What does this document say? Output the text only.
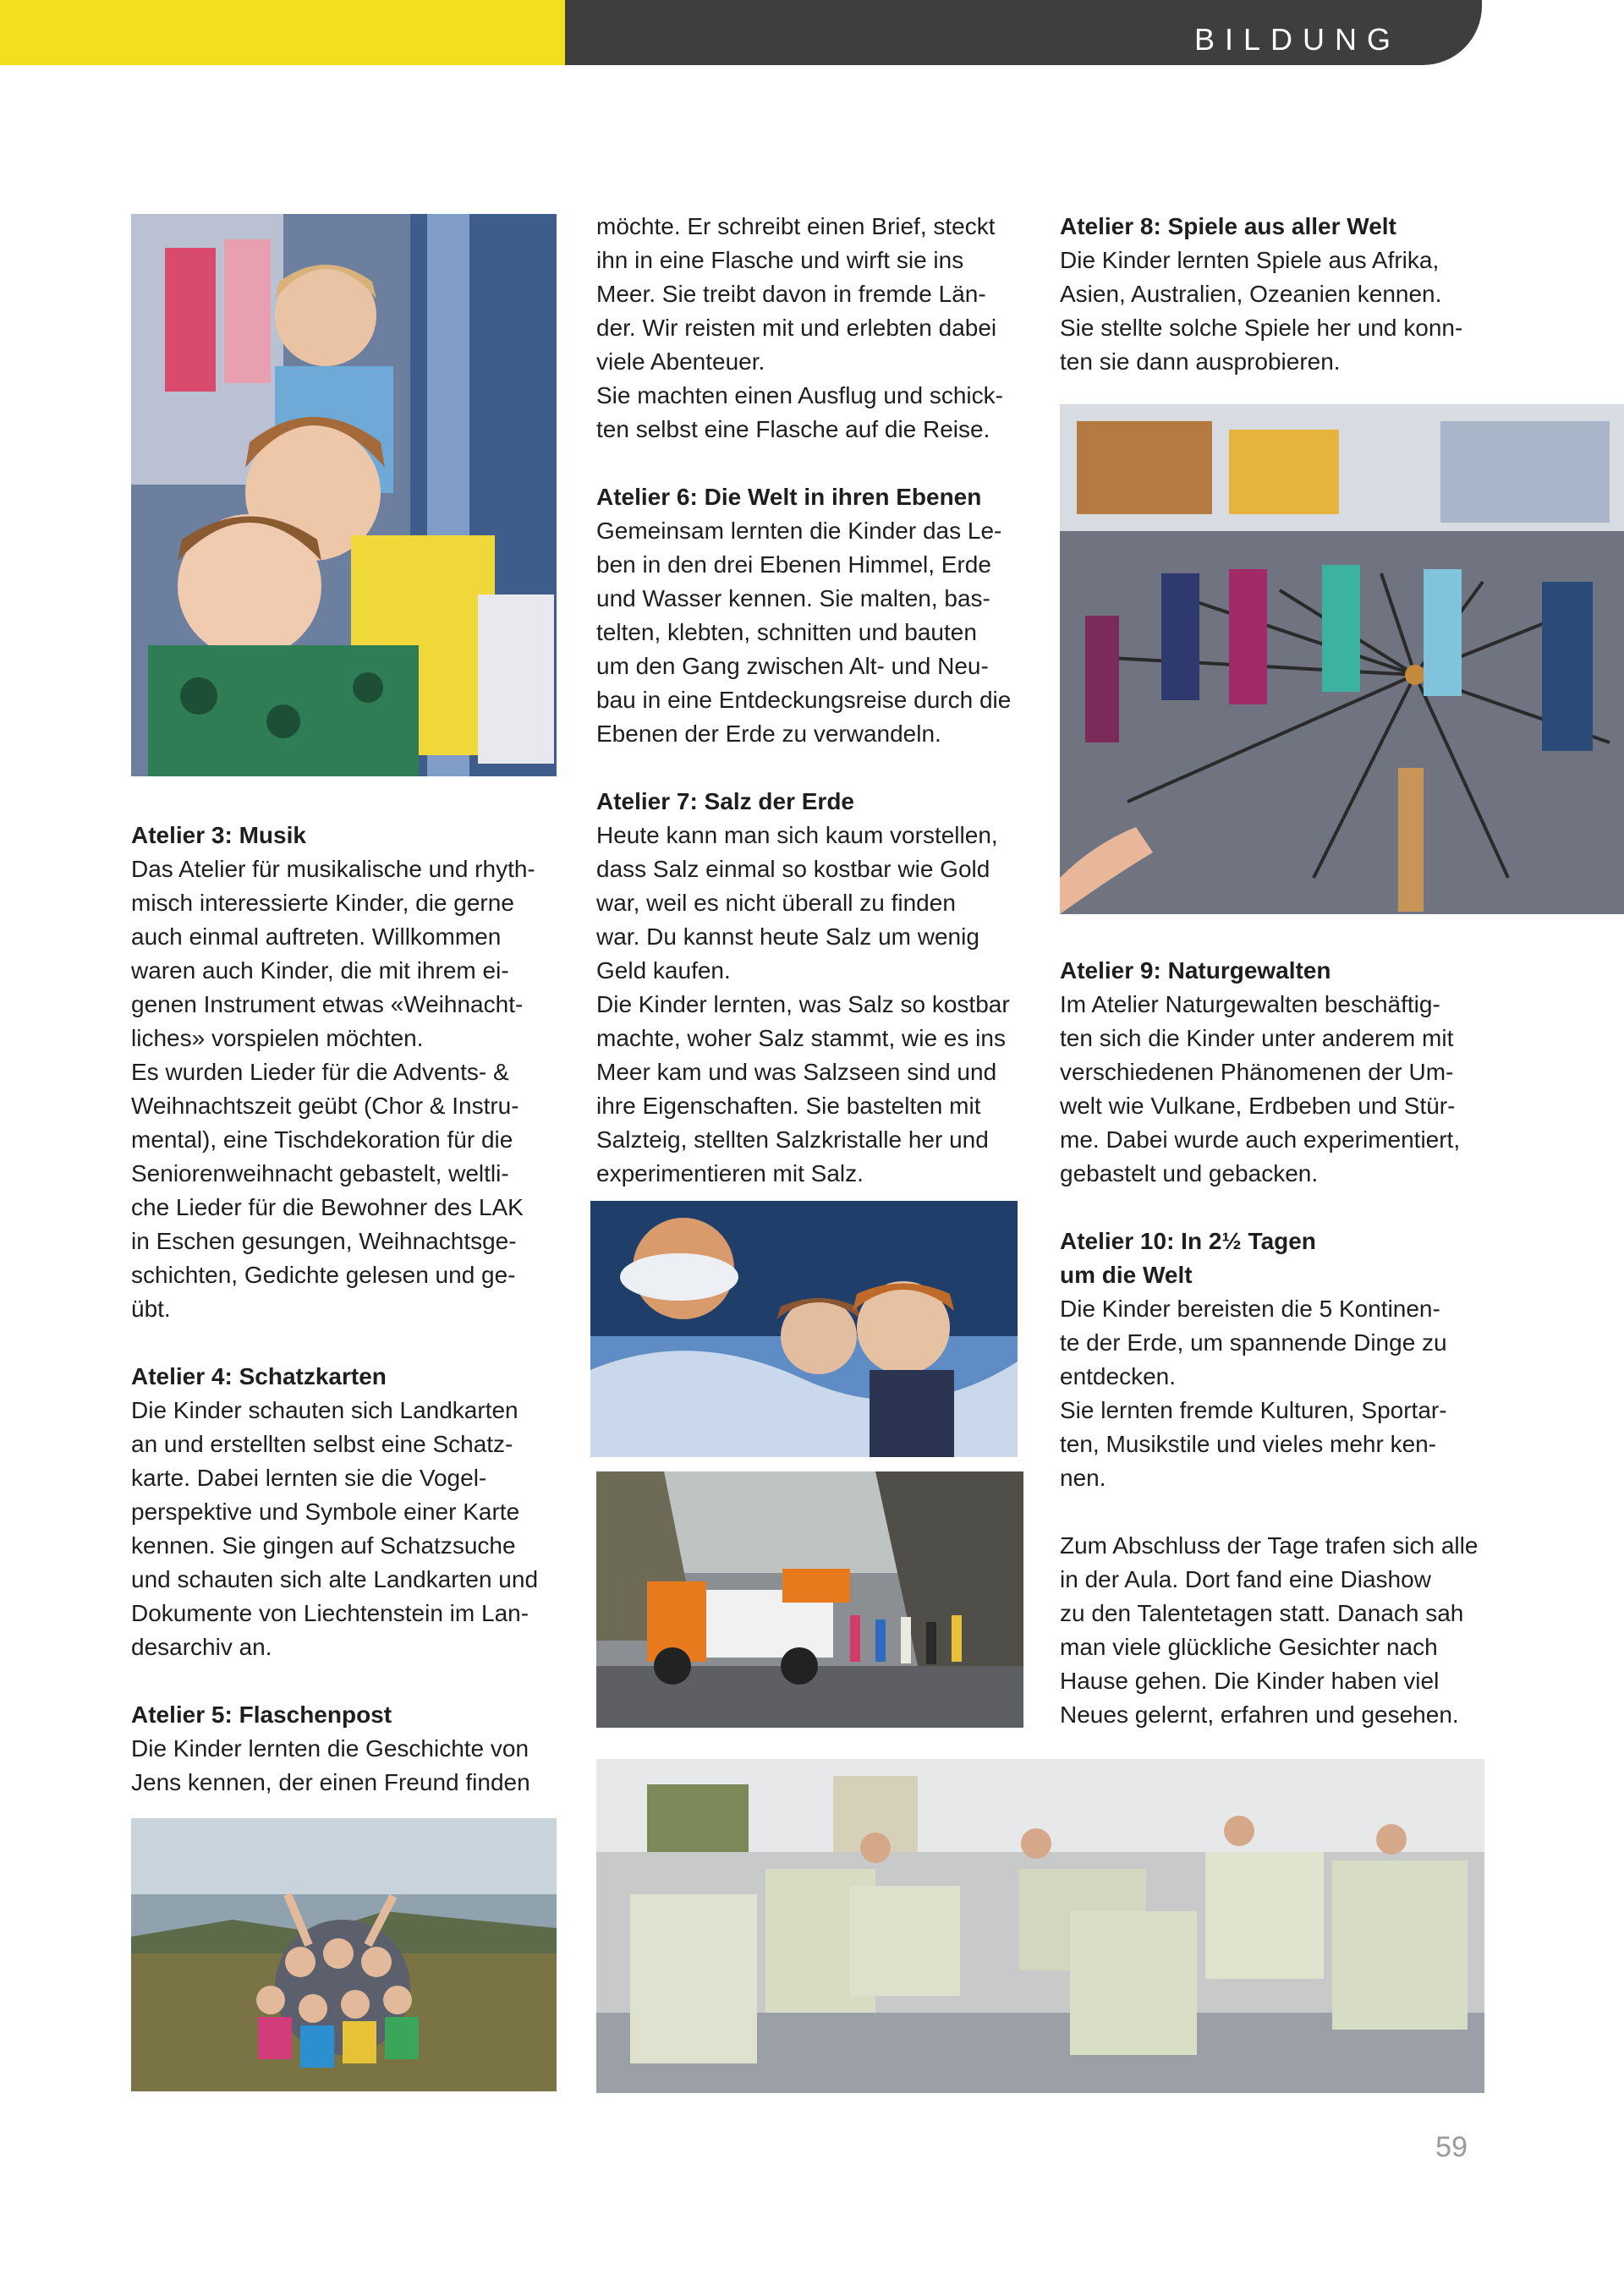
BILDUNG
Atelier 3: Musik

Das Atelier für musikalische und rhyth-

misch interessierte Kinder, die gerne

auch einmal auftreten. Willkommen

waren auch Kinder, die mit ihrem ei-

genen Instrument etwas «Weihnacht-

liches» vorspielen möchten.

Es wurden Lieder für die Advents- &

Weihnachtszeit geübt (Chor & Instru-

mental), eine Tischdekoration für die

Seniorenweihnacht gebastelt, weltli-

che Lieder für die Bewohner des LAK

in Eschen gesungen, Weihnachtsge-

schichten, Gedichte gelesen und ge-

übt.

Atelier 4: Schatzkarten

Die Kinder schauten sich Landkarten

an und erstellten selbst eine Schatz-

karte. Dabei lernten sie die Vogel-

perspektive und Symbole einer Karte

kennen. Sie gingen auf Schatzsuche

und schauten sich alte Landkarten und

Dokumente von Liechtenstein im Lan-

desarchiv an.

Atelier 5: Flaschenpost

Die Kinder lernten die Geschichte von

Jens kennen, der einen Freund finden

möchte. Er schreibt einen Brief, steckt

ihn in eine Flasche und wirft sie ins

Meer. Sie treibt davon in fremde Län-

der. Wir reisten mit und erlebten dabei

viele Abenteuer.

Sie machten einen Ausflug und schick-

ten selbst eine Flasche auf die Reise.

Atelier 6: Die Welt in ihren Ebenen

Gemeinsam lernten die Kinder das Le-

ben in den drei Ebenen Himmel, Erde

und Wasser kennen. Sie malten, bas-

telten, klebten, schnitten und bauten

um den Gang zwischen Alt- und Neu-

bau in eine Entdeckungsreise durch die

Ebenen der Erde zu verwandeln.

Atelier 7: Salz der Erde

Heute kann man sich kaum vorstellen,

dass Salz einmal so kostbar wie Gold

war, weil es nicht überall zu finden

war. Du kannst heute Salz um wenig

Geld kaufen.

Die Kinder lernten, was Salz so kostbar

machte, woher Salz stammt, wie es ins

Meer kam und was Salzseen sind und

ihre Eigenschaften. Sie bastelten mit

Salzteig, stellten Salzkristalle her und

experimentieren mit Salz.

Atelier 8: Spiele aus aller Welt

Die Kinder lernten Spiele aus Afrika,

Asien, Australien, Ozeanien kennen.

Sie stellte solche Spiele her und konn-

ten sie dann ausprobieren.

Atelier 9: Naturgewalten

Im Atelier Naturgewalten beschäftig-

ten sich die Kinder unter anderem mit

verschiedenen Phänomenen der Um-

welt wie Vulkane, Erdbeben und Stür-

me. Dabei wurde auch experimentiert,

gebastelt und gebacken.

Atelier 10: In 2½ Tagen
um die Welt

Die Kinder bereisten die 5 Kontinen-

te der Erde, um spannende Dinge zu

entdecken.

Sie lernten fremde Kulturen, Sportar-

ten, Musikstile und vieles mehr ken-

nen.

Zum Abschluss der Tage trafen sich alle

in der Aula. Dort fand eine Diashow

zu den Talentetagen statt. Danach sah

man viele glückliche Gesichter nach

Hause gehen. Die Kinder haben viel

Neues gelernt, erfahren und gesehen.

59
